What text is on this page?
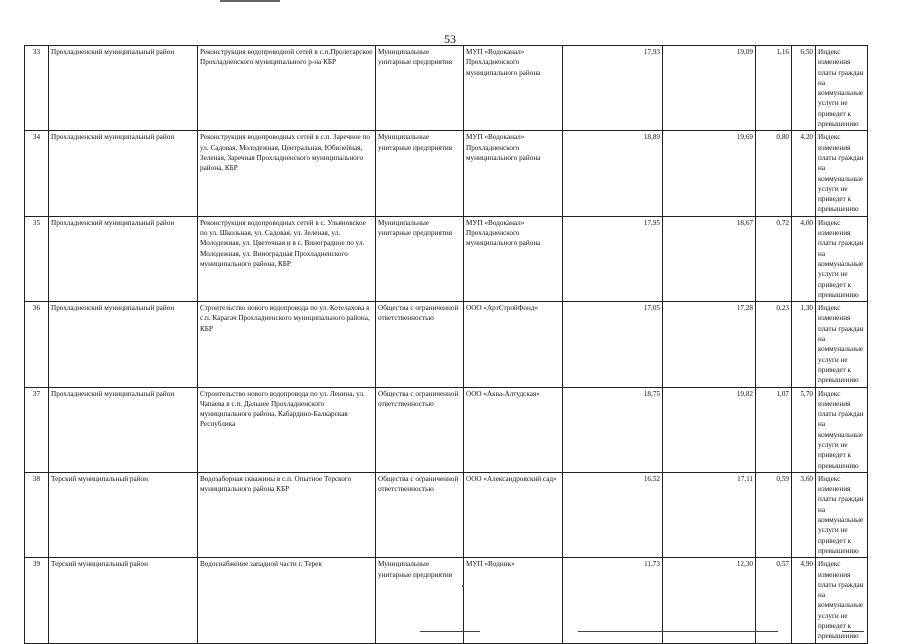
53
33	Прохладненский муниципальный район	Реконструкция водопроводной сетей в с.п.Пролетарское Прохладненского муниципального р-на КБР	Муниципальные унитарные предприятия	МУП «Водоканал» Прохладненского муниципального района	17,93	19,09	1,16	6,50	Индекс изменения платы граждан на коммунальные услуги не приведет к превышению
34	Прохладненский муниципальный район	Реконструкция водопроводных сетей в с.п. Заречное по ул. Садовая, Молодежная, Центральная, Юбилейная, Зеленая, Заречная Прохладненского муниципального района, КБР	Муниципальные унитарные предприятия	МУП «Водоканал» Прохладненского муниципального района	18,89	19,69	0,80	4,20	Индекс изменения платы граждан на коммунальные услуги не приведет к превышению
35	Прохладненский муниципальный район	Реконструкция водопроводных сетей в с. Ульяновское по ул. Школьная, ул. Садовая, ул. Зеленая, ул. Молодежная, ул. Цветочная и в с. Виноградное по ул. Молодежная, ул. Виноградная Прохладненского муниципального района, КБР	Муниципальные унитарные предприятия	МУП «Водоканал» Прохладненского муниципального района	17,95	18,67	0,72	4,00	Индекс изменения платы граждан на коммунальные услуги не приведет к превышению
36	Прохладненский муниципальный район	Строительство нового водопровода по ул. Котелахова в с.п. Карагач Прохладненского муниципального района, КБР	Общества с ограниченной ответственностью	ООО «АртСтройФонд»	17,05	17,28	0,23	1,30	Индекс изменения платы граждан на коммунальные услуги не приведет к превышению
37	Прохладненский муниципальный район	Строительство нового водопровода по ул. Ленина, ул. Чапаева в с.п. Дальнее Прохладненского муниципального района, Кабардино-Балкарская Республика	Общества с ограниченной ответственностью	ООО «Аква-Алтудская»	18,75	19,82	1,07	5,70	Индекс изменения платы граждан на коммунальные услуги не приведет к превышению
38	Терский муниципальный район	Водозаборная скважины в с.п. Опытное Терского муниципального района КБР	Общества с ограниченной ответственностью	ООО «Александровский сад»	16,52	17,11	0,59	3,60	Индекс изменения платы граждан на коммунальные услуги не приведет к превышению
39	Терский муниципальный район	Водоснабжение западной части г. Терек	Муниципальные унитарные предприятия	МУП «Водник»	11,73	12,30	0,57	4,90	Индекс изменения платы граждан на коммунальные услуги не приведет к превышению
